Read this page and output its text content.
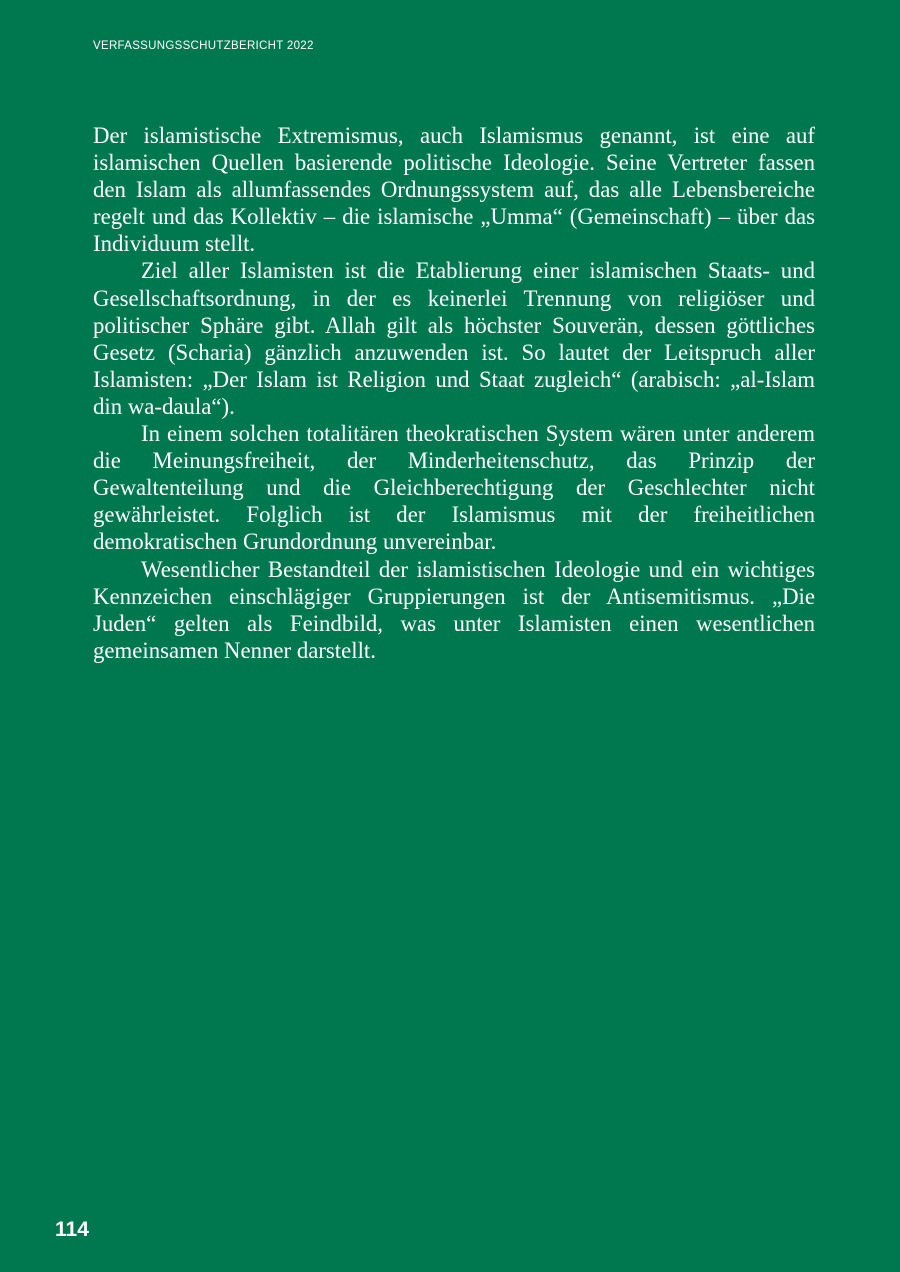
VERFASSUNGSSCHUTZBERICHT 2022

Der islamistische Extremismus, auch Islamismus genannt, ist eine auf islamischen Quellen basierende politische Ideologie. Seine Vertreter fassen den Islam als allumfassendes Ordnungssystem auf, das alle Lebensbereiche regelt und das Kollektiv – die islamische „Umma“ (Gemeinschaft) – über das Individuum stellt.

Ziel aller Islamisten ist die Etablierung einer islamischen Staats- und Gesellschaftsordnung, in der es keinerlei Trennung von religiöser und politischer Sphäre gibt. Allah gilt als höchster Souverän, dessen göttliches Gesetz (Scharia) gänzlich anzuwenden ist. So lautet der Leitspruch aller Islamisten: „Der Islam ist Religion und Staat zugleich“ (arabisch: „al-Islam din wa-daula“).

In einem solchen totalitären theokratischen System wären unter anderem die Meinungsfreiheit, der Minderheitenschutz, das Prinzip der Gewaltenteilung und die Gleichberechtigung der Geschlechter nicht gewährleistet. Folglich ist der Islamismus mit der freiheitlichen demokratischen Grundordnung unvereinbar.

Wesentlicher Bestandteil der islamistischen Ideologie und ein wichtiges Kennzeichen einschlägiger Gruppierungen ist der Antisemitismus. „Die Juden“ gelten als Feindbild, was unter Islamisten einen wesentlichen gemeinsamen Nenner darstellt.

114
